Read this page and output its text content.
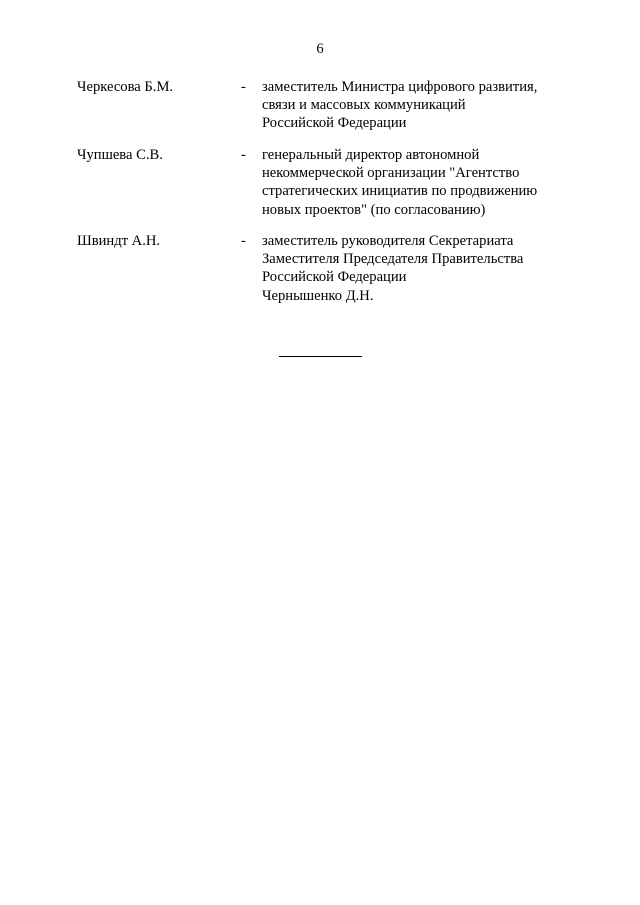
6
Черкесова Б.М.	- заместитель Министра цифрового развития,
связи и массовых коммуникаций
Российской Федерации
Чупшева С.В.	- генеральный директор автономной
некоммерческой организации "Агентство
стратегических инициатив по продвижению
новых проектов" (по согласованию)
Швиндт А.Н.	- заместитель руководителя Секретариата
Заместителя Председателя Правительства
Российской Федерации
Чернышенко Д.Н.
